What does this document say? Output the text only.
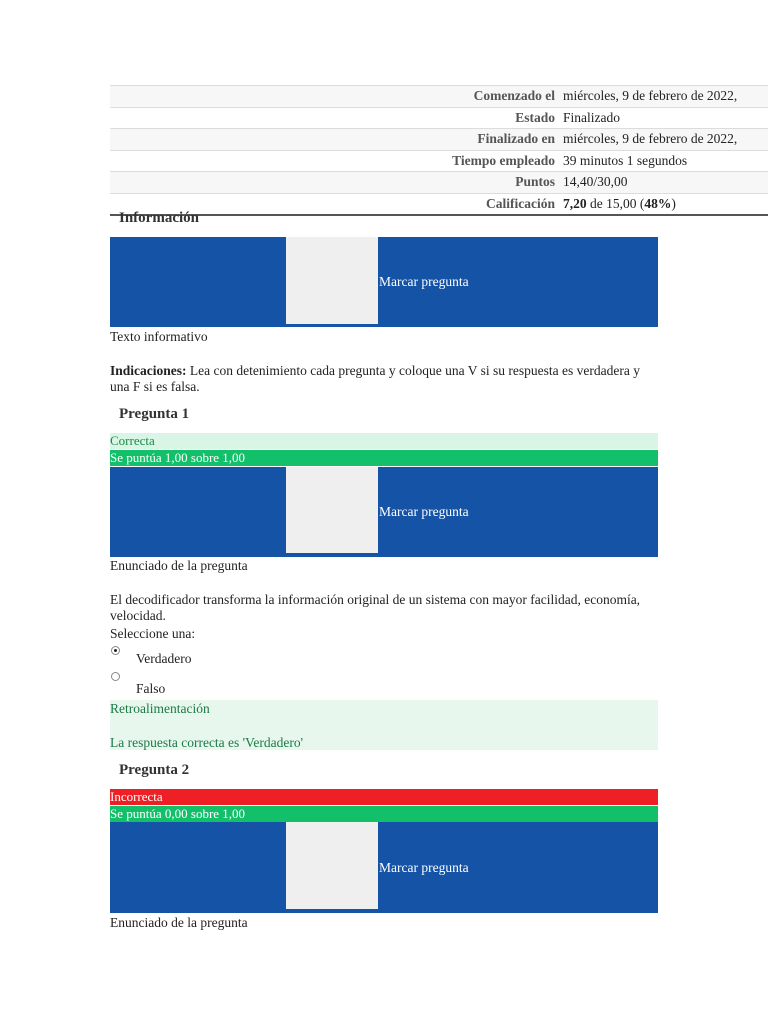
Comenzado el	miércoles, 9 de febrero de 2022,
Estado	Finalizado
Finalizado en	miércoles, 9 de febrero de 2022,
Tiempo empleado	39 minutos 1 segundos
Puntos	14,40/30,00
Calificación	7,20 de 15,00 (48%)
Información
Marcar pregunta
Texto informativo
Indicaciones: Lea con detenimiento cada pregunta y coloque una V si su respuesta es verdadera y una F si es falsa.
Pregunta 1
Correcta
Se puntúa 1,00 sobre 1,00
Marcar pregunta
Enunciado de la pregunta
El decodificador transforma la información original de un sistema con mayor facilidad, economía, velocidad.
Seleccione una:
Verdadero
Falso
Retroalimentación
La respuesta correcta es 'Verdadero'
Pregunta 2
Incorrecta
Se puntúa 0,00 sobre 1,00
Marcar pregunta
Enunciado de la pregunta
